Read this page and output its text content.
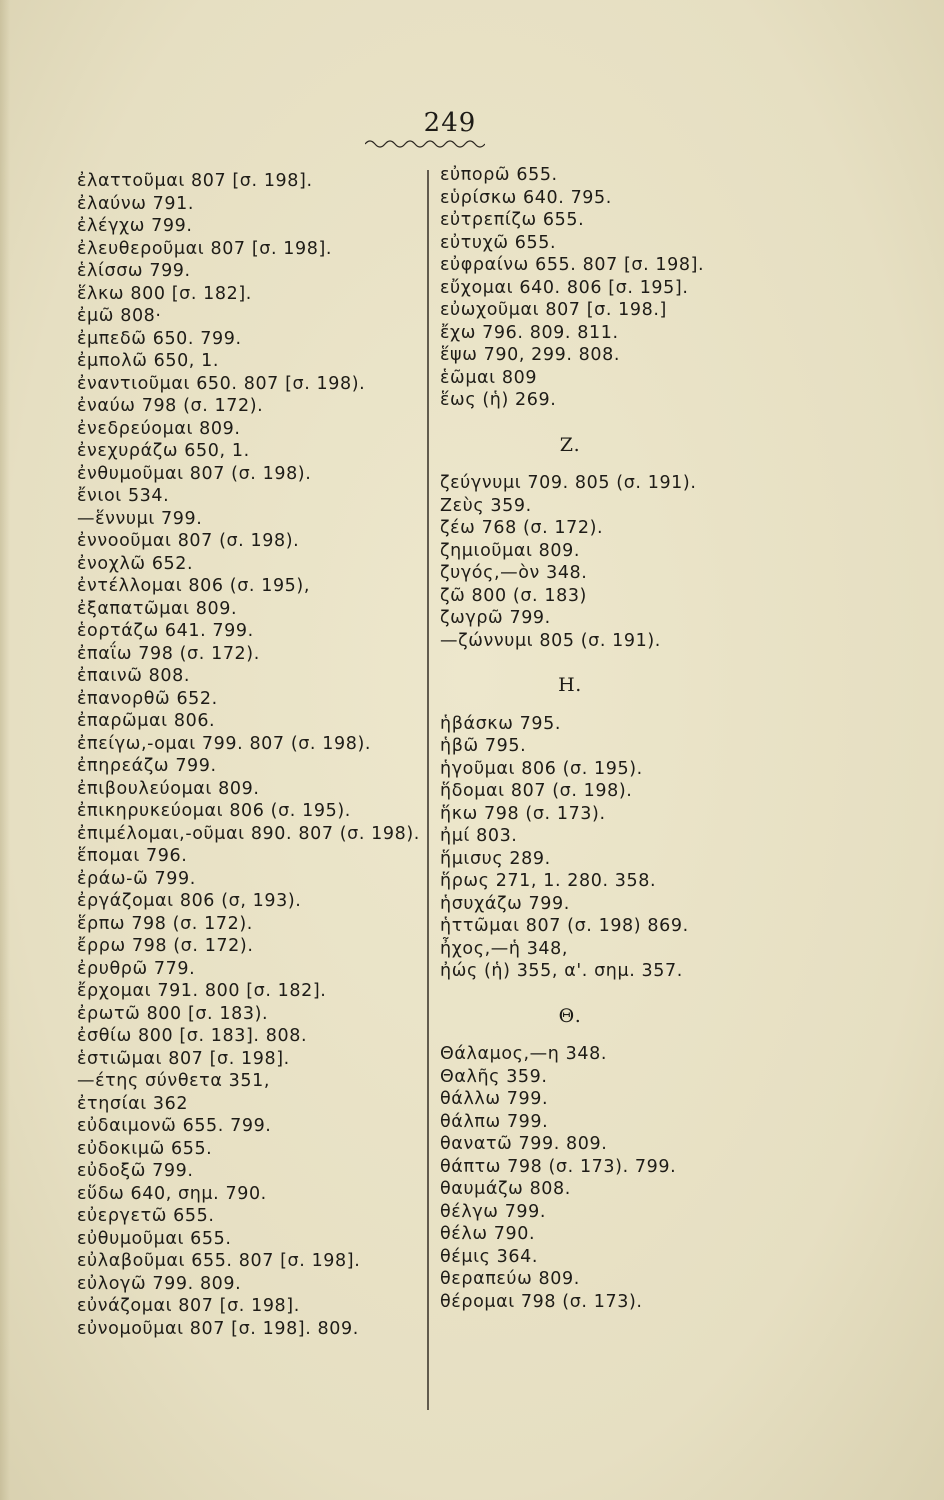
249
ἐλαττοῦμαι 807 [σ. 198].
ἐλαύνω 791.
ἐλέγχω 799.
ἐλευθεροῦμαι 807 [σ. 198].
ἑλίσσω 799.
ἕλκω 800 [σ. 182].
ἐμῶ 808·
ἐμπεδῶ 650. 799.
ἐμπολῶ 650, 1.
ἐναντιοῦμαι 650. 807 [σ. 198).
ἐναύω 798 (σ. 172).
ἐνεδρεύομαι 809.
ἐνεχυράζω 650, 1.
ἐνθυμοῦμαι 807 (σ. 198).
ἔνιοι 534.
—ἕννυμι 799.
ἐννοοῦμαι 807 (σ. 198).
ἐνοχλῶ 652.
ἐντέλλομαι 806 (σ. 195),
ἐξαπατῶμαι 809.
ἑορτάζω 641. 799.
ἐπαΐω 798 (σ. 172).
ἐπαινῶ 808.
ἐπανορθῶ 652.
ἐπαρῶμαι 806.
ἐπείγω,-ομαι 799. 807 (σ. 198).
ἐπηρεάζω 799.
ἐπιβουλεύομαι 809.
ἐπικηρυκεύομαι 806 (σ. 195).
ἐπιμέλομαι,-οῦμαι 890. 807 (σ. 198).
ἕπομαι 796.
ἐράω-ῶ 799.
ἐργάζομαι 806 (σ, 193).
ἕρπω 798 (σ. 172).
ἔρρω 798 (σ. 172).
ἐρυθρῶ 779.
ἔρχομαι 791. 800 [σ. 182].
ἐρωτῶ 800 [σ. 183).
ἐσθίω 800 [σ. 183]. 808.
ἑστιῶμαι 807 [σ. 198].
—έτης σύνθετα 351,
ἐτησίαι 362
εὐδαιμονῶ 655. 799.
εὐδοκιμῶ 655.
εὐδοξῶ 799.
εὕδω 640, σημ. 790.
εὐεργετῶ 655.
εὐθυμοῦμαι 655.
εὐλαβοῦμαι 655. 807 [σ. 198].
εὐλογῶ 799. 809.
εὐνάζομαι 807 [σ. 198].
εὐνομοῦμαι 807 [σ. 198]. 809.
εὐπορῶ 655.
εὑρίσκω 640. 795.
εὐτρεπίζω 655.
εὐτυχῶ 655.
εὐφραίνω 655. 807 [σ. 198].
εὔχομαι 640. 806 [σ. 195].
εὐωχοῦμαι 807 [σ. 198.]
ἔχω 796. 809. 811.
ἕψω 790, 299. 808.
ἑῶμαι 809
ἕως (ἡ) 269.
Ζ.
ζεύγνυμι 709. 805 (σ. 191).
Ζεὺς 359.
ζέω 768 (σ. 172).
ζημιοῦμαι 809.
ζυγός,—ὸν 348.
ζῶ 800 (σ. 183)
ζωγρῶ 799.
—ζώννυμι 805 (σ. 191).
Η.
ἡβάσκω 795.
ἡβῶ 795.
ἡγοῦμαι 806 (σ. 195).
ἥδομαι 807 (σ. 198).
ἥκω 798 (σ. 173).
ἠμί 803.
ἥμισυς 289.
ἥρως 271, 1. 280. 358.
ἡσυχάζω 799.
ἡττῶμαι 807 (σ. 198) 869.
ἦχος,—ἡ 348,
ἠώς (ἡ) 355, α'. σημ. 357.
Θ.
Θάλαμος,—η 348.
Θαλῆς 359.
θάλλω 799.
θάλπω 799.
θανατῶ 799. 809.
θάπτω 798 (σ. 173). 799.
θαυμάζω 808.
θέλγω 799.
θέλω 790.
θέμις 364.
θεραπεύω 809.
θέρομαι 798 (σ. 173).
